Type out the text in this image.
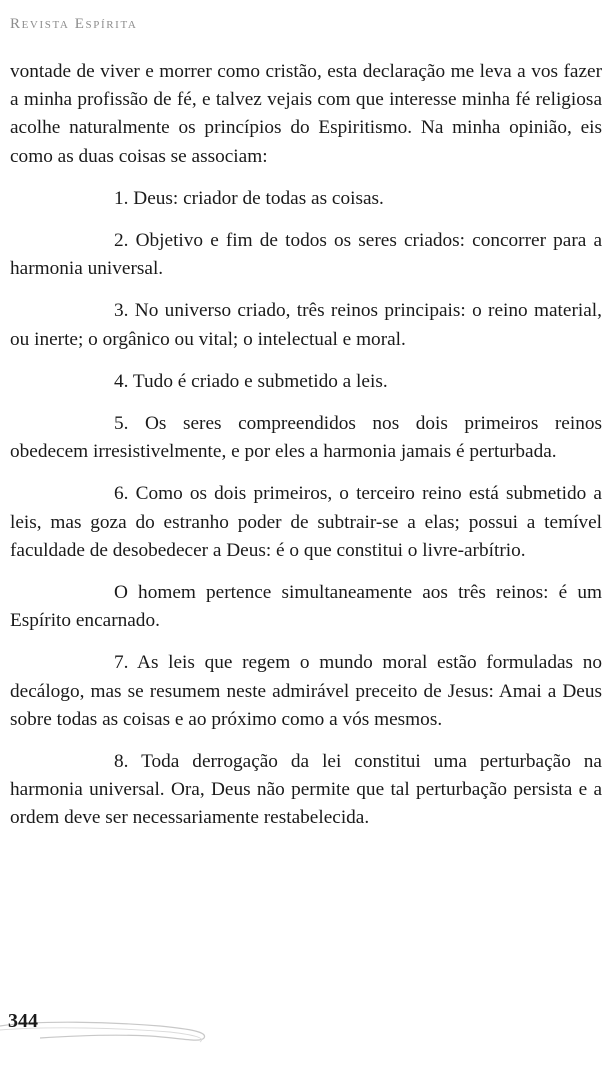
Revista Espírita

vontade de viver e morrer como cristão, esta declaração me leva a vos fazer a minha profissão de fé, e talvez vejais com que interesse minha fé religiosa acolhe naturalmente os princípios do Espiritismo. Na minha opinião, eis como as duas coisas se associam:

1. Deus: criador de todas as coisas.

2. Objetivo e fim de todos os seres criados: concorrer para a harmonia universal.

3. No universo criado, três reinos principais: o reino material, ou inerte; o orgânico ou vital; o intelectual e moral.

4. Tudo é criado e submetido a leis.

5. Os seres compreendidos nos dois primeiros reinos obedecem irresistivelmente, e por eles a harmonia jamais é perturbada.

6. Como os dois primeiros, o terceiro reino está submetido a leis, mas goza do estranho poder de subtrair-se a elas; possui a temível faculdade de desobedecer a Deus: é o que constitui o livre-arbítrio.

O homem pertence simultaneamente aos três reinos: é um Espírito encarnado.

7. As leis que regem o mundo moral estão formuladas no decálogo, mas se resumem neste admirável preceito de Jesus: Amai a Deus sobre todas as coisas e ao próximo como a vós mesmos.

8. Toda derrogação da lei constitui uma perturbação na harmonia universal. Ora, Deus não permite que tal perturbação persista e a ordem deve ser necessariamente restabelecida.

344
